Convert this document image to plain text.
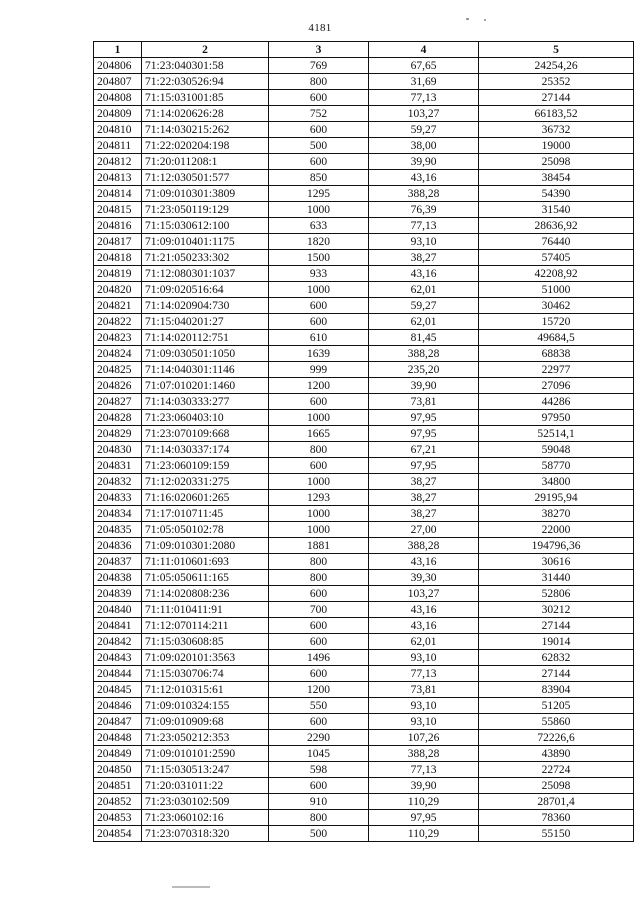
4181
1	2	3	4	5
204806	71:23:040301:58	769	67,65	24254,26
204807	71:22:030526:94	800	31,69	25352
204808	71:15:031001:85	600	77,13	27144
204809	71:14:020626:28	752	103,27	66183,52
204810	71:14:030215:262	600	59,27	36732
204811	71:22:020204:198	500	38,00	19000
204812	71:20:011208:1	600	39,90	25098
204813	71:12:030501:577	850	43,16	38454
204814	71:09:010301:3809	1295	388,28	54390
204815	71:23:050119:129	1000	76,39	31540
204816	71:15:030612:100	633	77,13	28636,92
204817	71:09:010401:1175	1820	93,10	76440
204818	71:21:050233:302	1500	38,27	57405
204819	71:12:080301:1037	933	43,16	42208,92
204820	71:09:020516:64	1000	62,01	51000
204821	71:14:020904:730	600	59,27	30462
204822	71:15:040201:27	600	62,01	15720
204823	71:14:020112:751	610	81,45	49684,5
204824	71:09:030501:1050	1639	388,28	68838
204825	71:14:040301:1146	999	235,20	22977
204826	71:07:010201:1460	1200	39,90	27096
204827	71:14:030333:277	600	73,81	44286
204828	71:23:060403:10	1000	97,95	97950
204829	71:23:070109:668	1665	97,95	52514,1
204830	71:14:030337:174	800	67,21	59048
204831	71:23:060109:159	600	97,95	58770
204832	71:12:020331:275	1000	38,27	34800
204833	71:16:020601:265	1293	38,27	29195,94
204834	71:17:010711:45	1000	38,27	38270
204835	71:05:050102:78	1000	27,00	22000
204836	71:09:010301:2080	1881	388,28	194796,36
204837	71:11:010601:693	800	43,16	30616
204838	71:05:050611:165	800	39,30	31440
204839	71:14:020808:236	600	103,27	52806
204840	71:11:010411:91	700	43,16	30212
204841	71:12:070114:211	600	43,16	27144
204842	71:15:030608:85	600	62,01	19014
204843	71:09:020101:3563	1496	93,10	62832
204844	71:15:030706:74	600	77,13	27144
204845	71:12:010315:61	1200	73,81	83904
204846	71:09:010324:155	550	93,10	51205
204847	71:09:010909:68	600	93,10	55860
204848	71:23:050212:353	2290	107,26	72226,6
204849	71:09:010101:2590	1045	388,28	43890
204850	71:15:030513:247	598	77,13	22724
204851	71:20:031011:22	600	39,90	25098
204852	71:23:030102:509	910	110,29	28701,4
204853	71:23:060102:16	800	97,95	78360
204854	71:23:070318:320	500	110,29	55150
